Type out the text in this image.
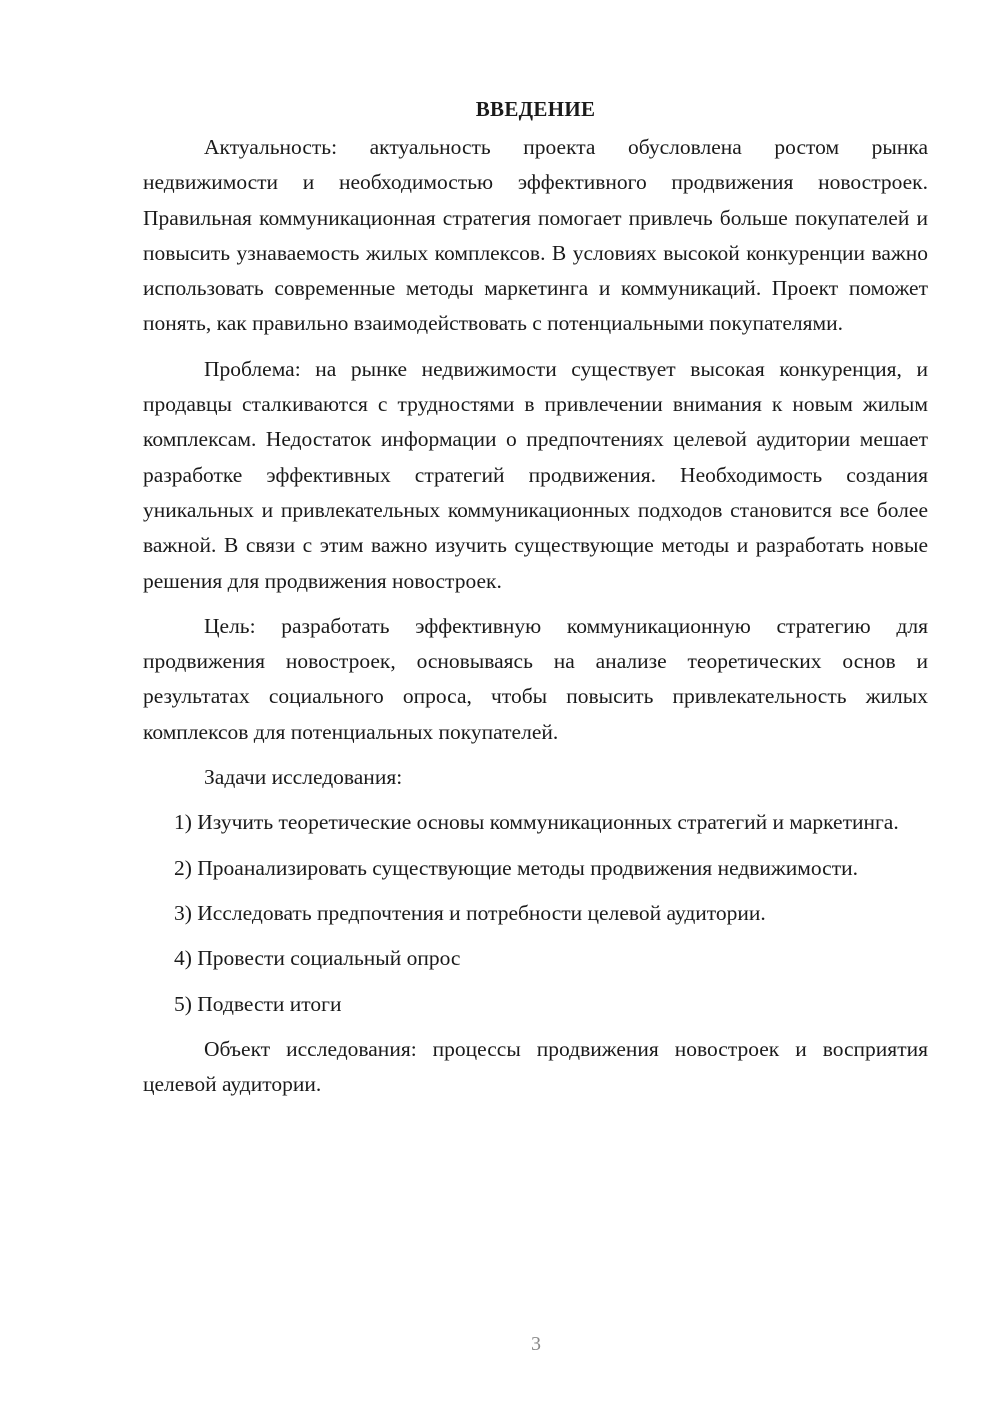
ВВЕДЕНИЕ

Актуальность: актуальность проекта обусловлена ростом рынка недвижимости и необходимостью эффективного продвижения новостроек. Правильная коммуникационная стратегия помогает привлечь больше покупателей и повысить узнаваемость жилых комплексов. В условиях высокой конкуренции важно использовать современные методы маркетинга и коммуникаций. Проект поможет понять, как правильно взаимодействовать с потенциальными покупателями.

Проблема: на рынке недвижимости существует высокая конкуренция, и продавцы сталкиваются с трудностями в привлечении внимания к новым жилым комплексам. Недостаток информации о предпочтениях целевой аудитории мешает разработке эффективных стратегий продвижения. Необходимость создания уникальных и привлекательных коммуникационных подходов становится все более важной. В связи с этим важно изучить существующие методы и разработать новые решения для продвижения новостроек.

Цель: разработать эффективную коммуникационную стратегию для продвижения новостроек, основываясь на анализе теоретических основ и результатах социального опроса, чтобы повысить привлекательность жилых комплексов для потенциальных покупателей.

Задачи исследования:

1) Изучить теоретические основы коммуникационных стратегий и маркетинга.

2) Проанализировать существующие методы продвижения недвижимости.

3) Исследовать предпочтения и потребности целевой аудитории.

4) Провести социальный опрос

5) Подвести итоги

Объект исследования: процессы продвижения новостроек и восприятия целевой аудитории.

3
